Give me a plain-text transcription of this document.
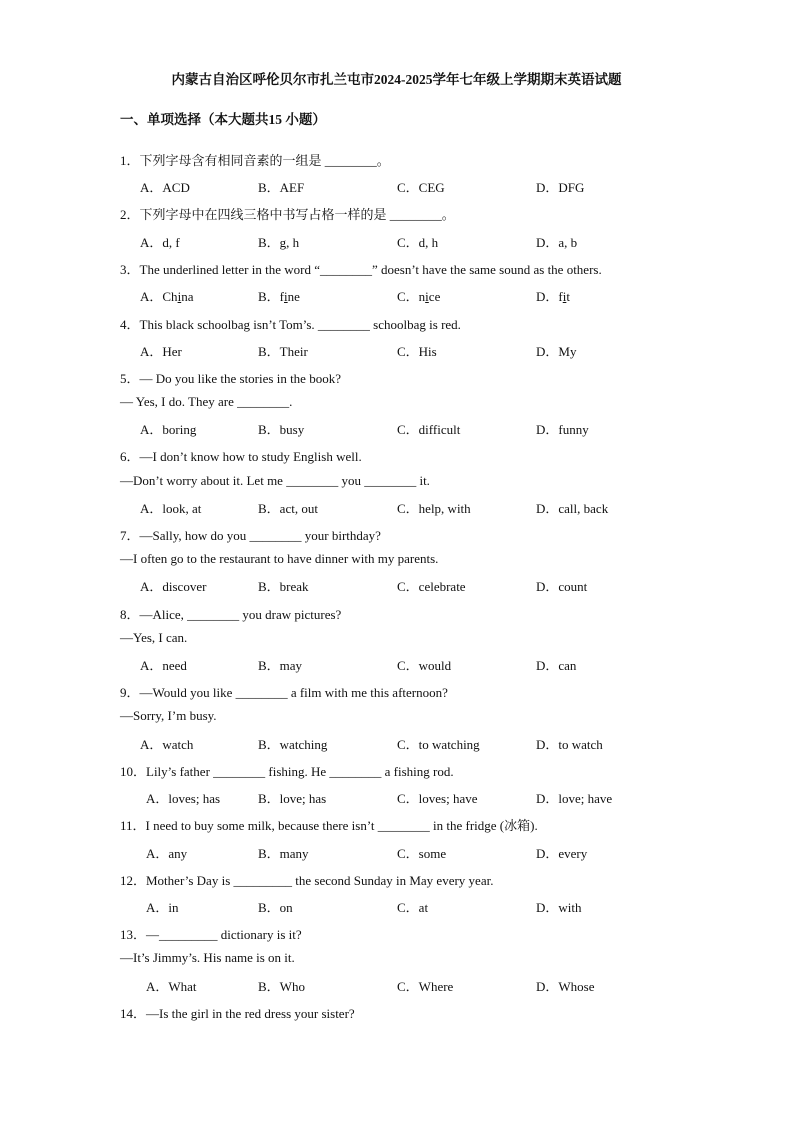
内蒙古自治区呼伦贝尔市扎兰屯市2024-2025学年七年级上学期期末英语试题
一、单项选择（本大题共15 小题）
1．下列字母含有相同音素的一组是 ________。
A．ACD	B．AEF	C．CEG	D．DFG
2．下列字母中在四线三格中书写占格一样的是 ________。
A．d, f	B．g, h	C．d, h	D．a, b
3．The underlined letter in the word “________” doesn’t have the same sound as the others.
A．China	B．fine	C．nice	D．fit
4．This black schoolbag isn’t Tom’s. ________ schoolbag is red.
A．Her	B．Their	C．His	D．My
5．— Do you like the stories in the book?
— Yes, I do. They are ________.
A．boring	B．busy	C．difficult	D．funny
6．—I don’t know how to study English well.
—Don’t worry about it. Let me ________ you ________ it.
A．look, at	B．act, out	C．help, with	D．call, back
7．—Sally, how do you ________ your birthday?
—I often go to the restaurant to have dinner with my parents.
A．discover	B．break	C．celebrate	D．count
8．—Alice, ________ you draw pictures?
—Yes, I can.
A．need	B．may	C．would	D．can
9．—Would you like ________ a film with me this afternoon?
—Sorry, I’m busy.
A．watch	B．watching	C．to watching	D．to watch
10．Lily’s father ________ fishing. He ________ a fishing rod.
A．loves; has	B．love; has	C．loves; have	D．love; have
11．I need to buy some milk, because there isn’t ________ in the fridge (冰箱).
A．any	B．many	C．some	D．every
12．Mother’s Day is _________ the second Sunday in May every year.
A．in	B．on	C．at	D．with
13．—_________ dictionary is it?
—It’s Jimmy’s. His name is on it.
A．What	B．Who	C．Where	D．Whose
14．—Is the girl in the red dress your sister?
